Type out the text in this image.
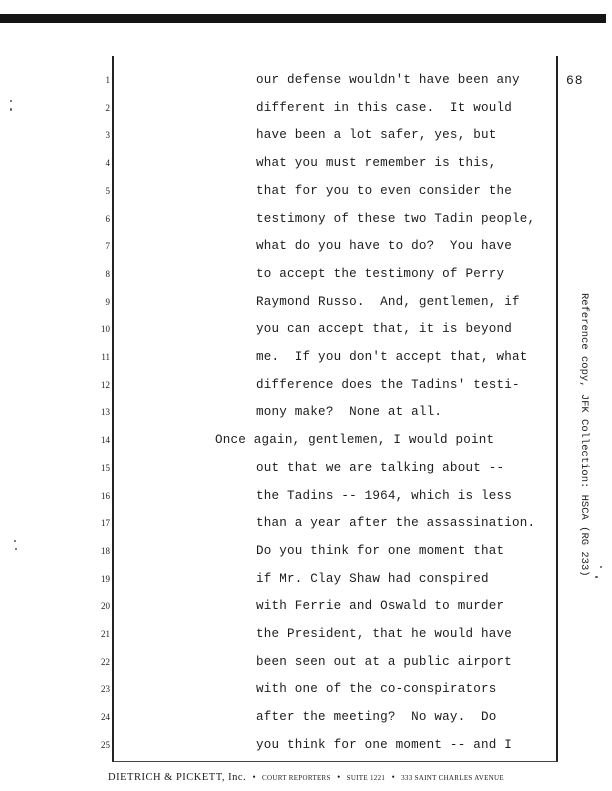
68
1	our defense wouldn't have been any
2	different in this case.  It would
3	have been a lot safer, yes, but
4	what you must remember is this,
5	that for you to even consider the
6	testimony of these two Tadin people,
7	what do you have to do?  You have
8	to accept the testimony of Perry
9	Raymond Russo.  And, gentlemen, if
10	you can accept that, it is beyond
11	me.  If you don't accept that, what
12	difference does the Tadins' testi-
13	mony make?  None at all.
14	Once again, gentlemen, I would point
15	out that we are talking about --
16	the Tadins -- 1964, which is less
17	than a year after the assassination.
18	Do you think for one moment that
19	if Mr. Clay Shaw had conspired
20	with Ferrie and Oswald to murder
21	the President, that he would have
22	been seen out at a public airport
23	with one of the co-conspirators
24	after the meeting?  No way.  Do
25	you think for one moment -- and I
Reference copy, JFK Collection: HSCA (RG 233)
DIETRICH & PICKETT, Inc. • COURT REPORTERS • SUITE 1221 • 333 SAINT CHARLES AVENUE
